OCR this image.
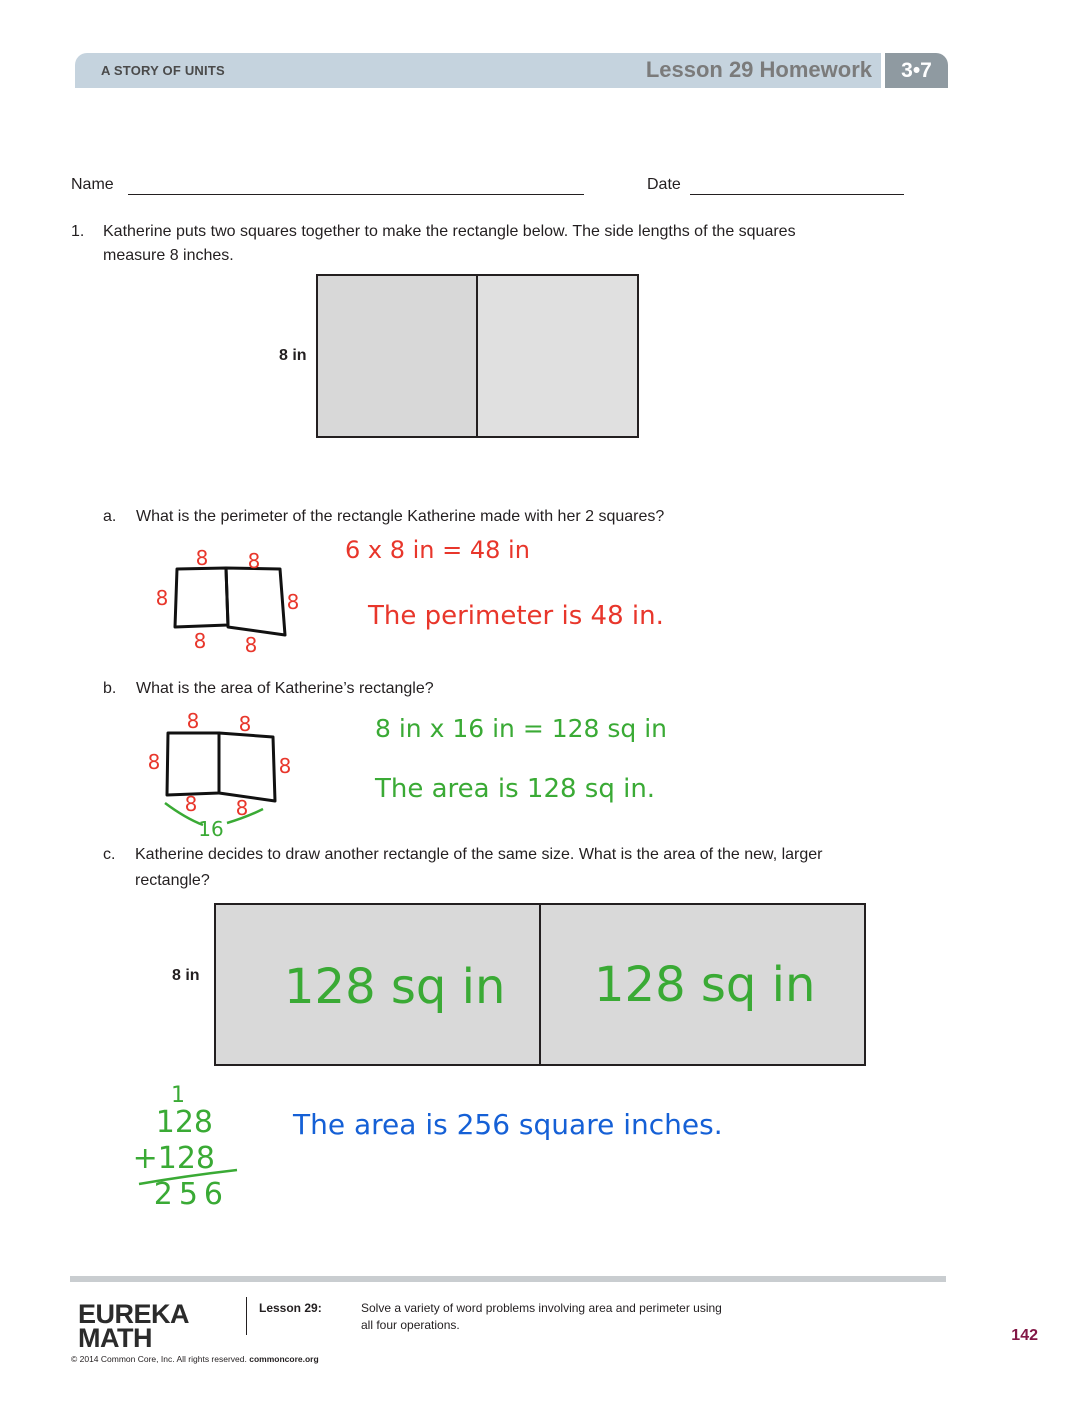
A STORY OF UNITS	Lesson 29 Homework	3•7
Name	Date
1. Katherine puts two squares together to make the rectangle below. The side lengths of the squares
measure 8 inches.
8 in
a. What is the perimeter of the rectangle Katherine made with her 2 squares?
8 8
8	8
8 8
6 x 8 in = 48 in
The perimeter is 48 in.
b. What is the area of Katherine’s rectangle?
8 8
8	8
8 8
16
8 in x 16 in = 128 sq in
The area is 128 sq in.
c. Katherine decides to draw another rectangle of the same size. What is the area of the new, larger
rectangle?
8 in 128 sq in 128 sq in
1
128
+128
256
The area is 256 square inches.
EUREKA
MATH
Lesson 29:	Solve a variety of word problems involving area and perimeter using
all four operations.
© 2014 Common Core, Inc. All rights reserved. commoncore.org
142
